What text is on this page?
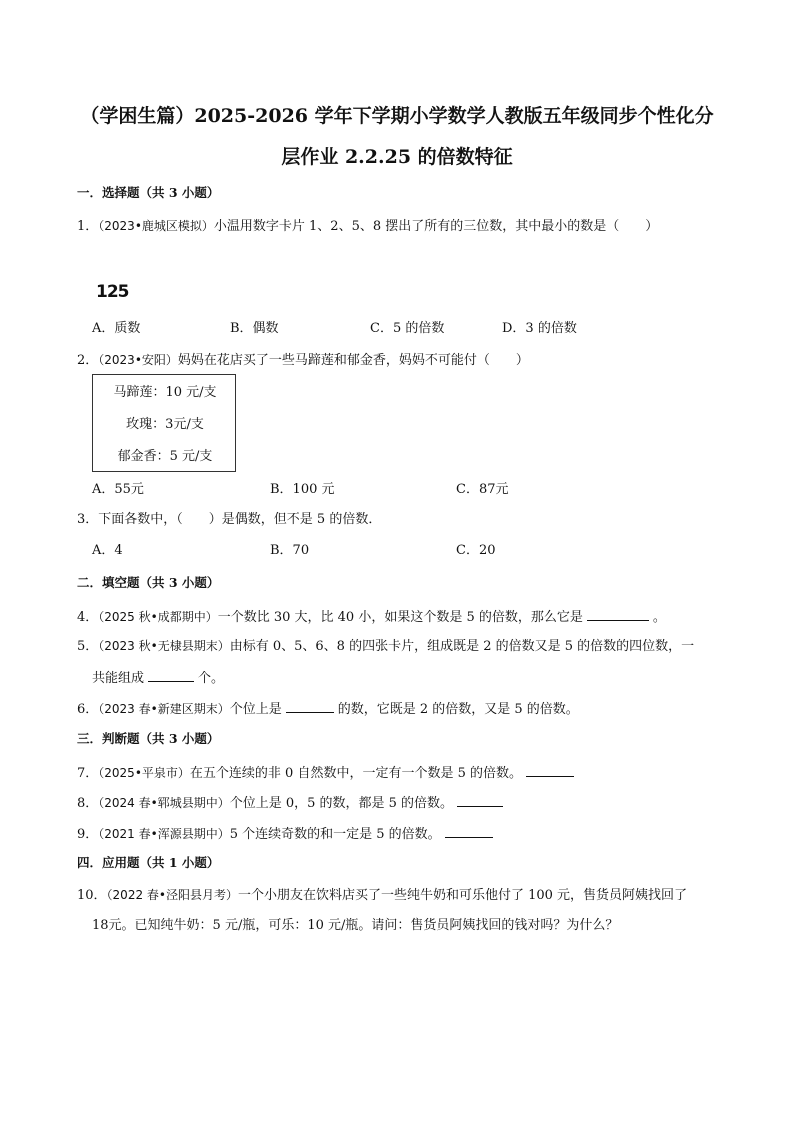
（学困生篇）2025-2026 学年下学期小学数学人教版五年级同步个性化分
层作业 2.2.25 的倍数特征
一．选择题（共 3 小题）
1．（2023•鹿城区模拟）小温用数字卡片 1、2、5、8 摆出了所有的三位数，其中最小的数是（　　）
125
A．质数	B．偶数	C．5 的倍数	D．3 的倍数
2．（2023•安阳）妈妈在花店买了一些马蹄莲和郁金香，妈妈不可能付（　　）
马蹄莲：10 元/支
玫瑰：3元/支
郁金香：5 元/支
A．55元	B．100 元	C．87元
3．下面各数中，（　　）是偶数，但不是 5 的倍数．
A．4	B．70	C．20
二．填空题（共 3 小题）
4．（2025 秋•成都期中）一个数比 30 大，比 40 小，如果这个数是 5 的倍数，那么它是	。
5．（2023 秋•无棣县期末）由标有 0、5、6、8 的四张卡片，组成既是 2 的倍数又是 5 的倍数的四位数，一
共能组成	个。
6．（2023 春•新建区期末）个位上是	的数，它既是 2 的倍数，又是 5 的倍数。
三．判断题（共 3 小题）
7．（2025•平泉市）在五个连续的非 0 自然数中，一定有一个数是 5 的倍数。
8．（2024 春•郓城县期中）个位上是 0，5 的数，都是 5 的倍数。
9．（2021 春•浑源县期中）5 个连续奇数的和一定是 5 的倍数。
四．应用题（共 1 小题）
10．（2022 春•泾阳县月考）一个小朋友在饮料店买了一些纯牛奶和可乐他付了 100 元，售货员阿姨找回了
18元。已知纯牛奶：5 元/瓶，可乐：10 元/瓶。请问：售货员阿姨找回的钱对吗？为什么？
